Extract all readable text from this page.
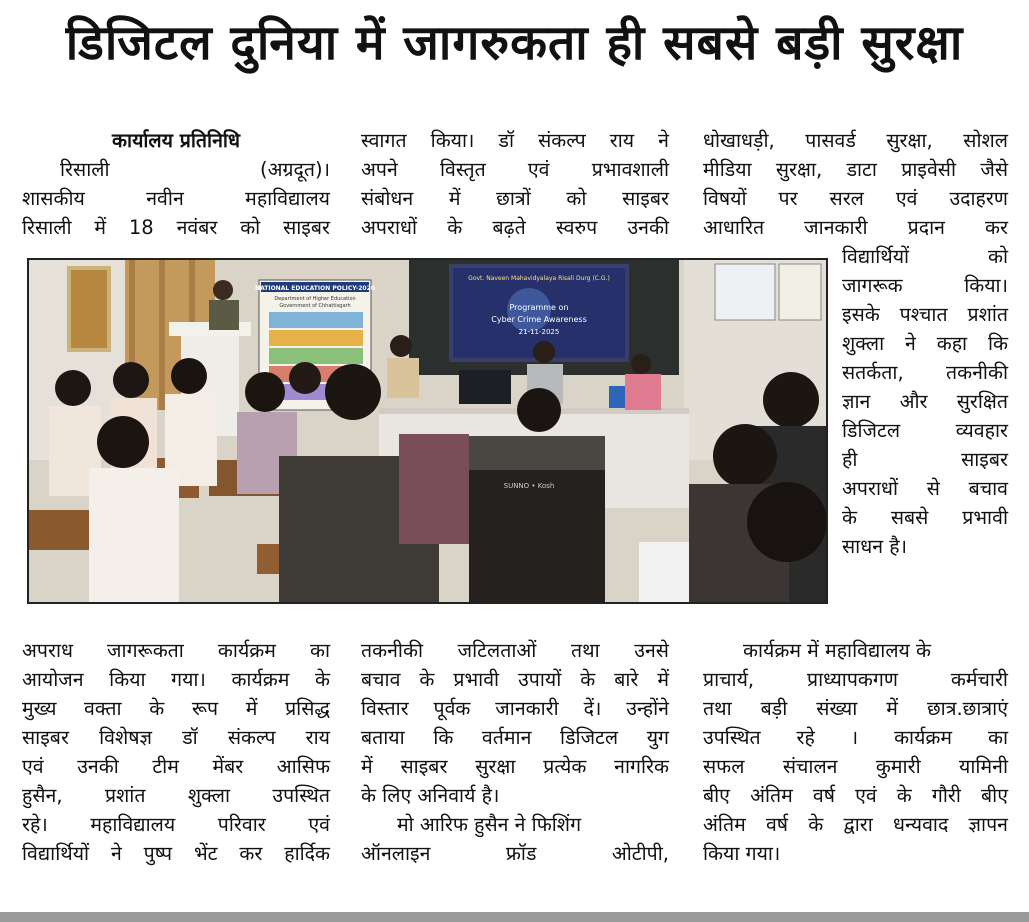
डिजिटल दुनिया में जागरुकता ही सबसे बड़ी सुरक्षा
कार्यालय प्रतिनिधि
रिसाली (अग्रदूत)।
शासकीय नवीन महाविद्यालय
रिसाली में 18 नवंबर को साइबर
स्वागत किया। डॉ संकल्प राय ने
अपने विस्तृत एवं प्रभावशाली
संबोधन में छात्रों को साइबर
अपराधों के बढ़ते स्वरुप उनकी
धोखाधड़ी, पासवर्ड सुरक्षा, सोशल
मीडिया सुरक्षा, डाटा प्राइवेसी जैसे
विषयों पर सरल एवं उदाहरण
आधारित जानकारी प्रदान कर
विद्यार्थियों को
जागरूक किया।
इसके पश्चात प्रशांत
शुक्ला ने कहा कि
सतर्कता, तकनीकी
ज्ञान और सुरक्षित
डिजिटल व्यवहार
ही साइबर
अपराधों से बचाव
के सबसे प्रभावी
साधन है।
NATIONAL EDUCATION POLICY-2020
Department of Higher Education
Government of Chhattisgarh
Govt. Naveen Mahavidyalaya Risali Durg (C.G.)
Programme on
Cyber Crime Awareness
21-11-2025
SUNNO • Kosh
अपराध जागरूकता कार्यक्रम का
आयोजन किया गया। कार्यक्रम के
मुख्य वक्ता के रूप में प्रसिद्ध
साइबर विशेषज्ञ डॉ संकल्प राय
एवं उनकी टीम मेंबर आसिफ
हुसैन, प्रशांत शुक्ला उपस्थित
रहे। महाविद्यालय परिवार एवं
विद्यार्थियों ने पुष्प भेंट कर हार्दिक
तकनीकी जटिलताओं तथा उनसे
बचाव के प्रभावी उपायों के बारे में
विस्तार पूर्वक जानकारी दें। उन्होंने
बताया कि वर्तमान डिजिटल युग
में साइबर सुरक्षा प्रत्येक नागरिक
के लिए अनिवार्य है।
मो आरिफ हुसैन ने फिशिंग
ऑनलाइन फ्रॉड ओटीपी,
कार्यक्रम में महाविद्यालय के
प्राचार्य, प्राध्यापकगण कर्मचारी
तथा बड़ी संख्या में छात्र.छात्राएं
उपस्थित रहे । कार्यक्रम का
सफल संचालन कुमारी यामिनी
बीए अंतिम वर्ष एवं के गौरी बीए
अंतिम वर्ष के द्वारा धन्यवाद ज्ञापन
किया गया।
